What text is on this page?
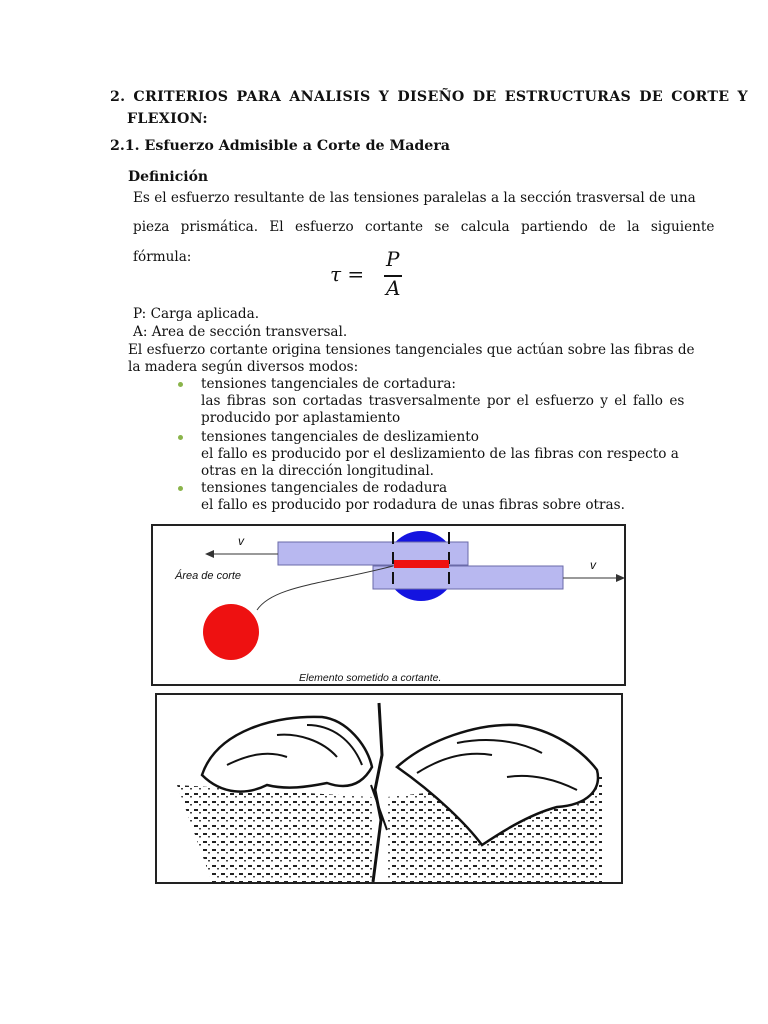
2. CRITERIOS PARA ANALISIS Y DISEÑO DE ESTRUCTURAS DE CORTE Y
FLEXION:
2.1. Esfuerzo Admisible a Corte de Madera
Definición
Es el esfuerzo resultante de las tensiones paralelas a la sección trasversal de una
pieza prismática. El esfuerzo cortante se calcula partiendo de la siguiente
fórmula:
τ =
P
A
P: Carga aplicada.
A: Area de sección transversal.
El esfuerzo cortante origina tensiones tangenciales que actúan sobre las fibras de
la madera según diversos modos:
tensiones tangenciales de cortadura:
las fibras son cortadas trasversalmente por el esfuerzo y el fallo es
producido por aplastamiento
tensiones tangenciales de deslizamiento
el fallo es producido por el deslizamiento de las fibras con respecto a
otras en la dirección longitudinal.
tensiones tangenciales de rodadura
el fallo es producido por rodadura de unas fibras sobre otras.
v
v
Área de corte
Elemento sometido a cortante.
